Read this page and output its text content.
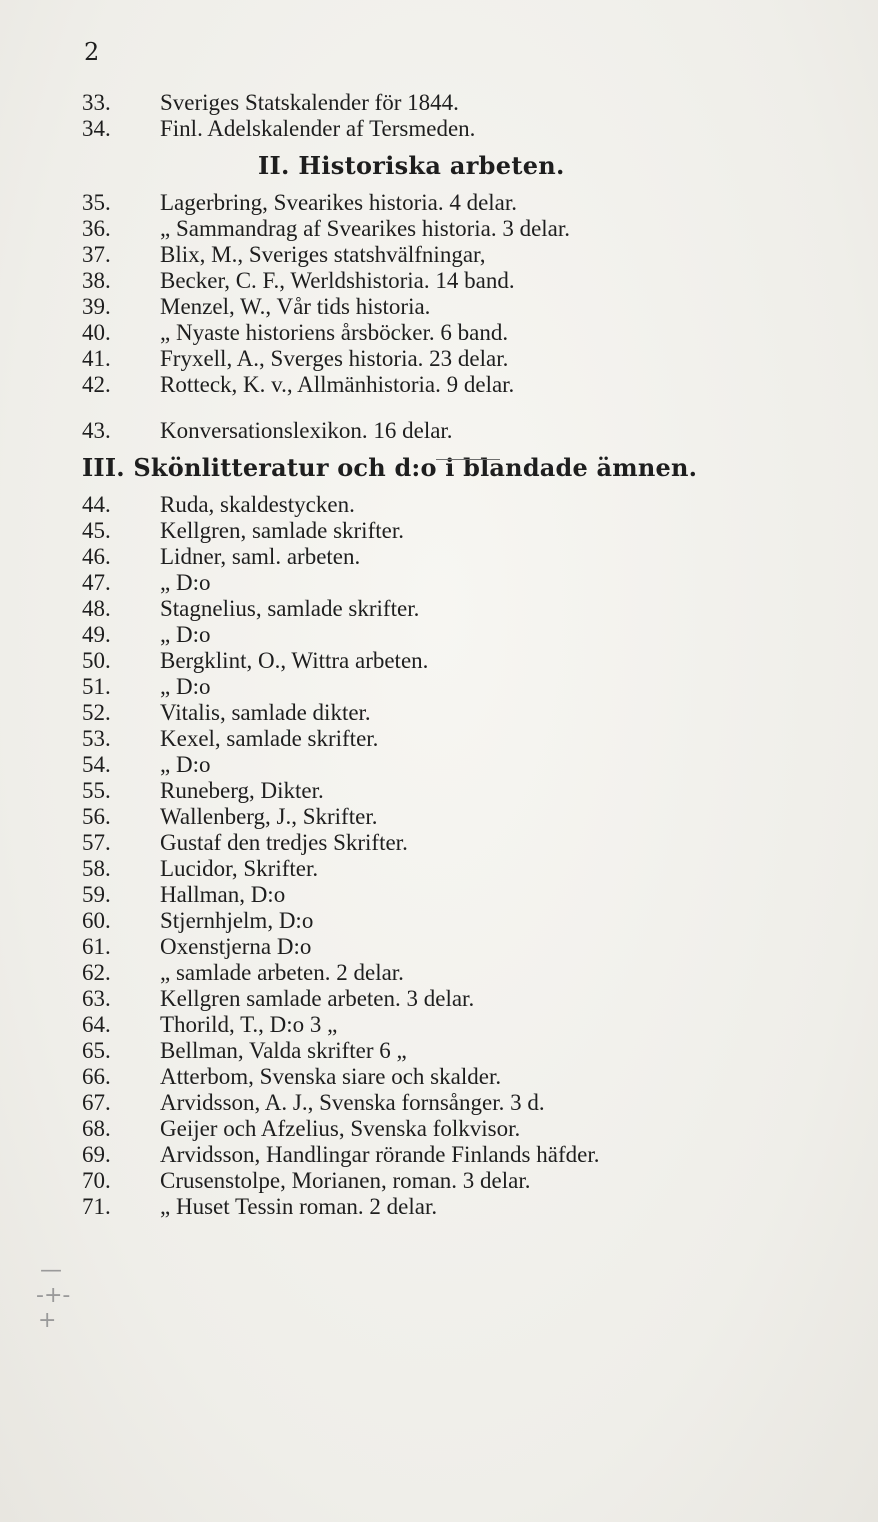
2
33.	Sveriges Statskalender för 1844.
34.	Finl. Adelskalender af Tersmeden.
II. Historiska arbeten.
35.	Lagerbring, Svearikes historia. 4 delar.
36.	„ Sammandrag af Svearikes historia. 3 delar.
37.	Blix, M., Sveriges statshvälfningar,
38.	Becker, C. F., Werldshistoria. 14 band.
39.	Menzel, W., Vår tids historia.
40.	„ Nyaste historiens årsböcker. 6 band.
41.	Fryxell, A., Sverges historia. 23 delar.
42.	Rotteck, K. v., Allmänhistoria. 9 delar.
43.	Konversationslexikon. 16 delar.
III. Skönlitteratur och d:o i blandade ämnen.
44.	Ruda, skaldestycken.
45.	Kellgren, samlade skrifter.
46.	Lidner, saml. arbeten.
47.	„ D:o
48.	Stagnelius, samlade skrifter.
49.	„ D:o
50.	Bergklint, O., Wittra arbeten.
51.	„ D:o
52.	Vitalis, samlade dikter.
53.	Kexel, samlade skrifter.
54.	„ D:o
55.	Runeberg, Dikter.
56.	Wallenberg, J., Skrifter.
57.	Gustaf den tredjes Skrifter.
58.	Lucidor, Skrifter.
59.	Hallman, D:o
60.	Stjernhjelm, D:o
61.	Oxenstjerna D:o
62.	„ samlade arbeten. 2 delar.
63.	Kellgren samlade arbeten. 3 delar.
64.	Thorild, T., D:o 3 „
65.	Bellman, Valda skrifter 6 „
66.	Atterbom, Svenska siare och skalder.
67.	Arvidsson, A. J., Svenska fornsånger. 3 d.
68.	Geijer och Afzelius, Svenska folkvisor.
69.	Arvidsson, Handlingar rörande Finlands häfder.
70.	Crusenstolpe, Morianen, roman. 3 delar.
71.	„ Huset Tessin roman. 2 delar.
—
-+-
+
